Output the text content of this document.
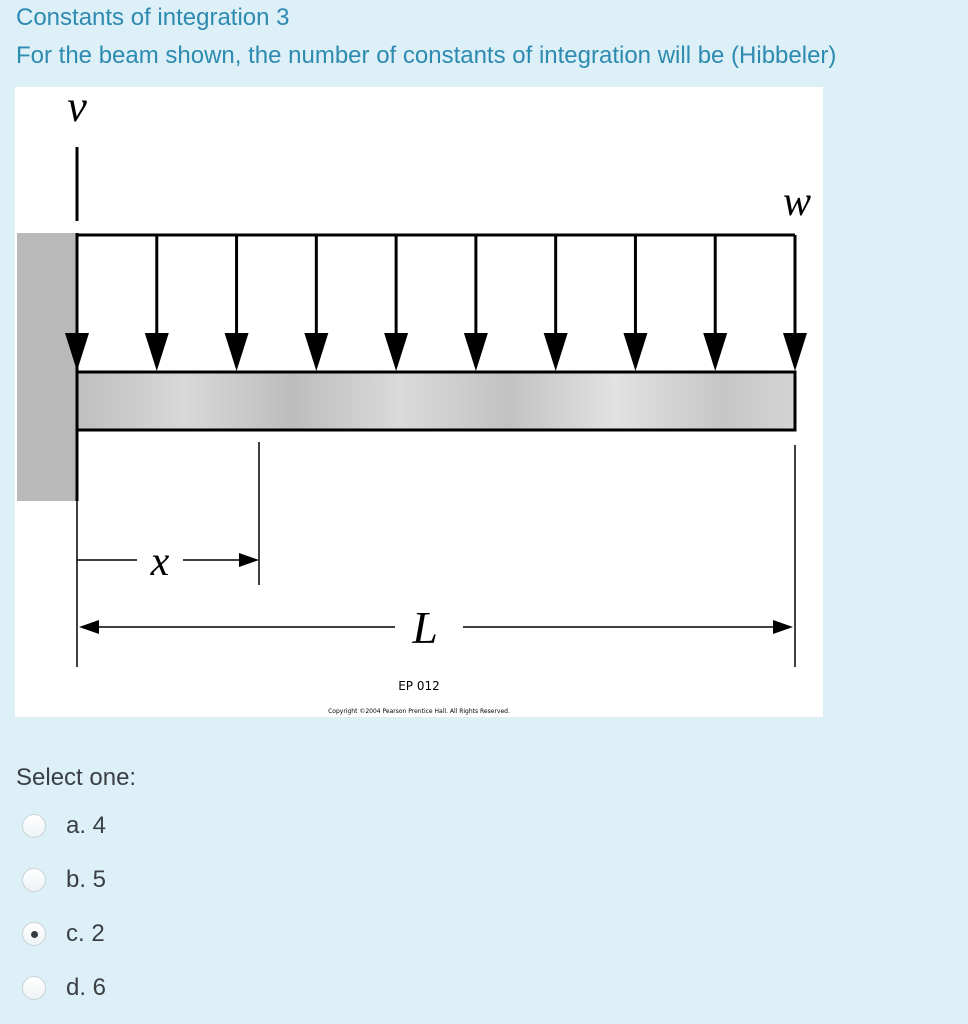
Constants of integration 3
For the beam shown, the number of constants of integration will be (Hibbeler)
v
w
x
L
EP 012
Copyright ©2004 Pearson Prentice Hall. All Rights Reserved.
Select one:
a. 4
b. 5
c. 2
d. 6
